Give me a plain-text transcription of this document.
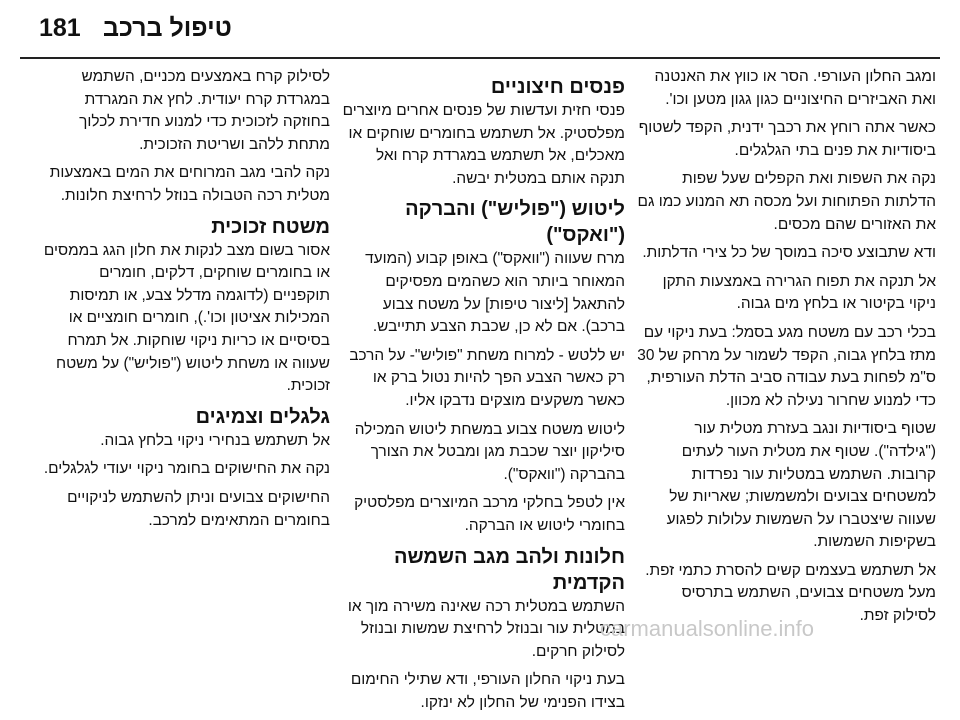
181 טיפול ברכב

ומגב החלון העורפי. הסר או כווץ את האנטנה ואת האביזרים החיצוניים כגון גגון מטען וכו'.

כאשר אתה רוחץ את רכבך ידנית, הקפד לשטוף ביסודיות את פנים בתי הגלגלים.

נקה את השפות ואת הקפלים שעל שפות הדלתות הפתוחות ועל מכסה תא המנוע כמו גם את האזורים שהם מכסים.

ודא שתבוצע סיכה במוסך של כל צירי הדלתות.

אל תנקה את תפוח הגרירה באמצעות התקן ניקוי בקיטור או בלחץ מים גבוה.

בכלי רכב עם משטח מגע בסמל: בעת ניקוי עם מתז בלחץ גבוה, הקפד לשמור על מרחק של 30 ס"מ לפחות בעת עבודה סביב הדלת העורפית, כדי למנוע שחרור נעילה לא מכוון.

שטוף ביסודיות ונגב בעזרת מטלית עור ("גילדה"). שטוף את מטלית העור לעתים קרובות. השתמש במטליות עור נפרדות למשטחים צבועים ולמשמשות; שאריות של שעווה שיצטברו על השמשות עלולות לפגוע בשקיפות השמשות.

אל תשתמש בעצמים קשים להסרת כתמי זפת. מעל משטחים צבועים, השתמש בתרסיס לסילוק זפת.

פנסים חיצוניים

פנסי חזית ועדשות של פנסים אחרים מיוצרים מפלסטיק. אל תשתמש בחומרים שוחקים או מאכלים, אל תשתמש במגרדת קרח ואל תנקה אותם במטלית יבשה.

ליטוש ("פוליש") והברקה ("ואקס")

מרח שעווה ("וואקס") באופן קבוע (המועד המאוחר ביותר הוא כשהמים מפסיקים להתאגל [ליצור טיפות] על משטח צבוע ברכב). אם לא כן, שכבת הצבע תתייבש.

יש ללטש - למרוח משחת "פוליש"- על הרכב רק כאשר הצבע הפך להיות נטול ברק או כאשר משקעים מוצקים נדבקו אליו.

ליטוש משטח צבוע במשחת ליטוש המכילה סיליקון יוצר שכבת מגן ומבטל את הצורך בהברקה ("וואקס").

אין לטפל בחלקי מרכב המיוצרים מפלסטיק בחומרי ליטוש או הברקה.

חלונות ולהב מגב השמשה הקדמית

השתמש במטלית רכה שאינה משירה מוך או במטלית עור ובנוזל לרחיצת שמשות ובנוזל לסילוק חרקים.

בעת ניקוי החלון העורפי, ודא שתילי החימום בצידו הפנימי של החלון לא ינזקו.

לסילוק קרח באמצעים מכניים, השתמש במגרדת קרח יעודית. לחץ את המגרדת בחוזקה לזכוכית כדי למנוע חדירת לכלוך מתחת ללהב ושריטת הזכוכית.

נקה להבי מגב המרוחים את המים באמצעות מטלית רכה הטבולה בנוזל לרחיצת חלונות.

משטח זכוכית

אסור בשום מצב לנקות את חלון הגג בממסים או בחומרים שוחקים, דלקים, חומרים תוקפניים (לדוגמה מדלל צבע, או תמיסות המכילות אציטון וכו'.), חומרים חומציים או בסיסיים או כריות ניקוי שוחקות. אל תמרח שעווה או משחת ליטוש ("פוליש") על משטח זכוכית.

גלגלים וצמיגים

אל תשתמש בנחירי ניקוי בלחץ גבוה.

נקה את החישוקים בחומר ניקוי יעודי לגלגלים.

החישוקים צבועים וניתן להשתמש לניקויים בחומרים המתאימים למרכב.

carmanualsonline.info
